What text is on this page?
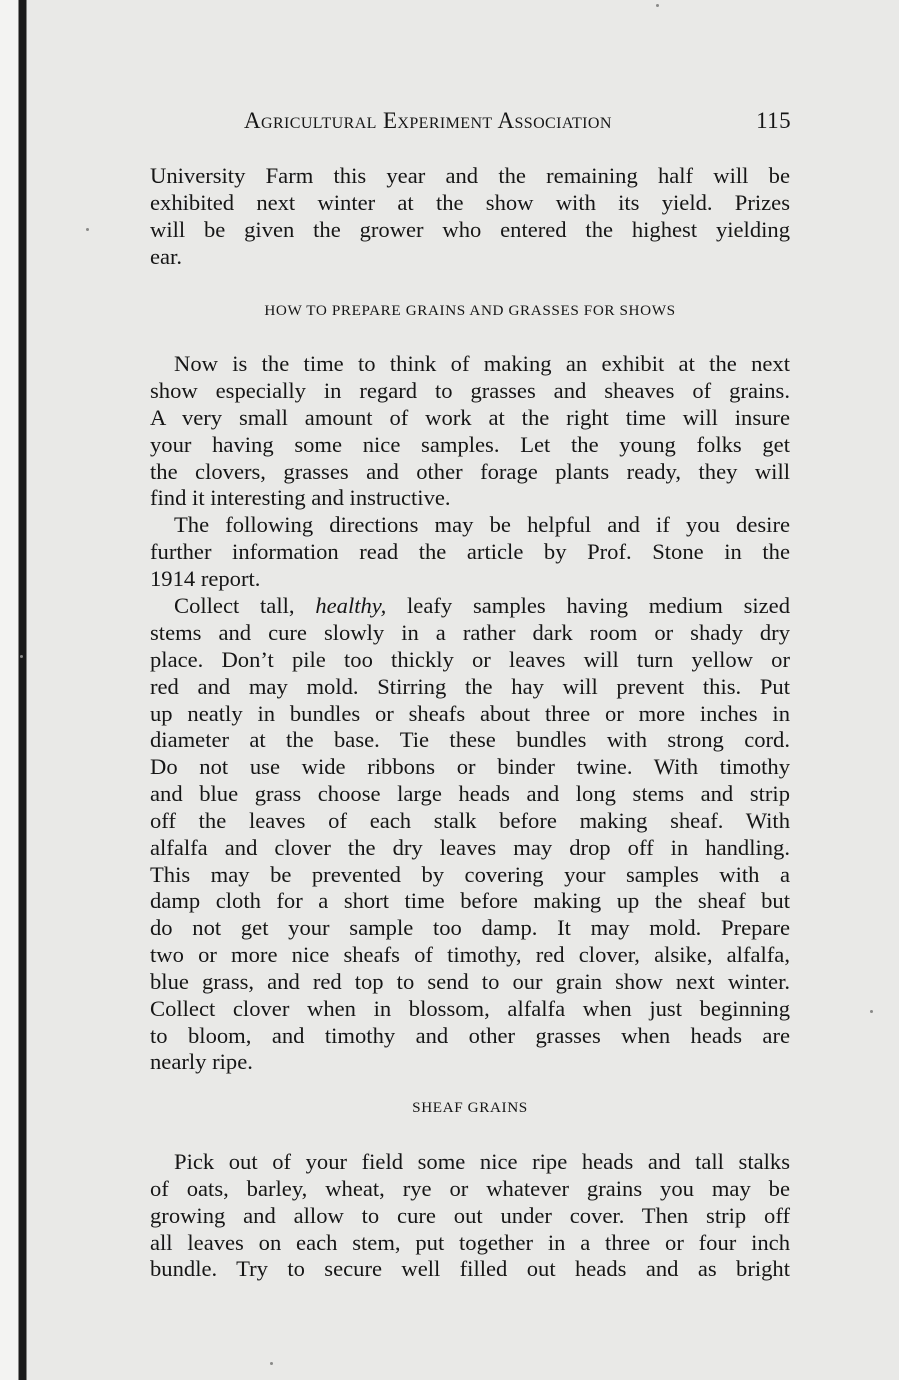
Agricultural Experiment Association	115
University Farm this year and the remaining half will be
exhibited next winter at the show with its yield. Prizes
will be given the grower who entered the highest yielding
ear.
HOW TO PREPARE GRAINS AND GRASSES FOR SHOWS
Now is the time to think of making an exhibit at the next
show especially in regard to grasses and sheaves of grains.
A very small amount of work at the right time will insure
your having some nice samples. Let the young folks get
the clovers, grasses and other forage plants ready, they will
find it interesting and instructive.
The following directions may be helpful and if you desire
further information read the article by Prof. Stone in the
1914 report.
Collect tall, healthy, leafy samples having medium sized
stems and cure slowly in a rather dark room or shady dry
place. Don’t pile too thickly or leaves will turn yellow or
red and may mold. Stirring the hay will prevent this. Put
up neatly in bundles or sheafs about three or more inches in
diameter at the base. Tie these bundles with strong cord.
Do not use wide ribbons or binder twine. With timothy
and blue grass choose large heads and long stems and strip
off the leaves of each stalk before making sheaf. With
alfalfa and clover the dry leaves may drop off in handling.
This may be prevented by covering your samples with a
damp cloth for a short time before making up the sheaf but
do not get your sample too damp. It may mold. Prepare
two or more nice sheafs of timothy, red clover, alsike, alfalfa,
blue grass, and red top to send to our grain show next winter.
Collect clover when in blossom, alfalfa when just beginning
to bloom, and timothy and other grasses when heads are
nearly ripe.
SHEAF GRAINS
Pick out of your field some nice ripe heads and tall stalks
of oats, barley, wheat, rye or whatever grains you may be
growing and allow to cure out under cover. Then strip off
all leaves on each stem, put together in a three or four inch
bundle. Try to secure well filled out heads and as bright
